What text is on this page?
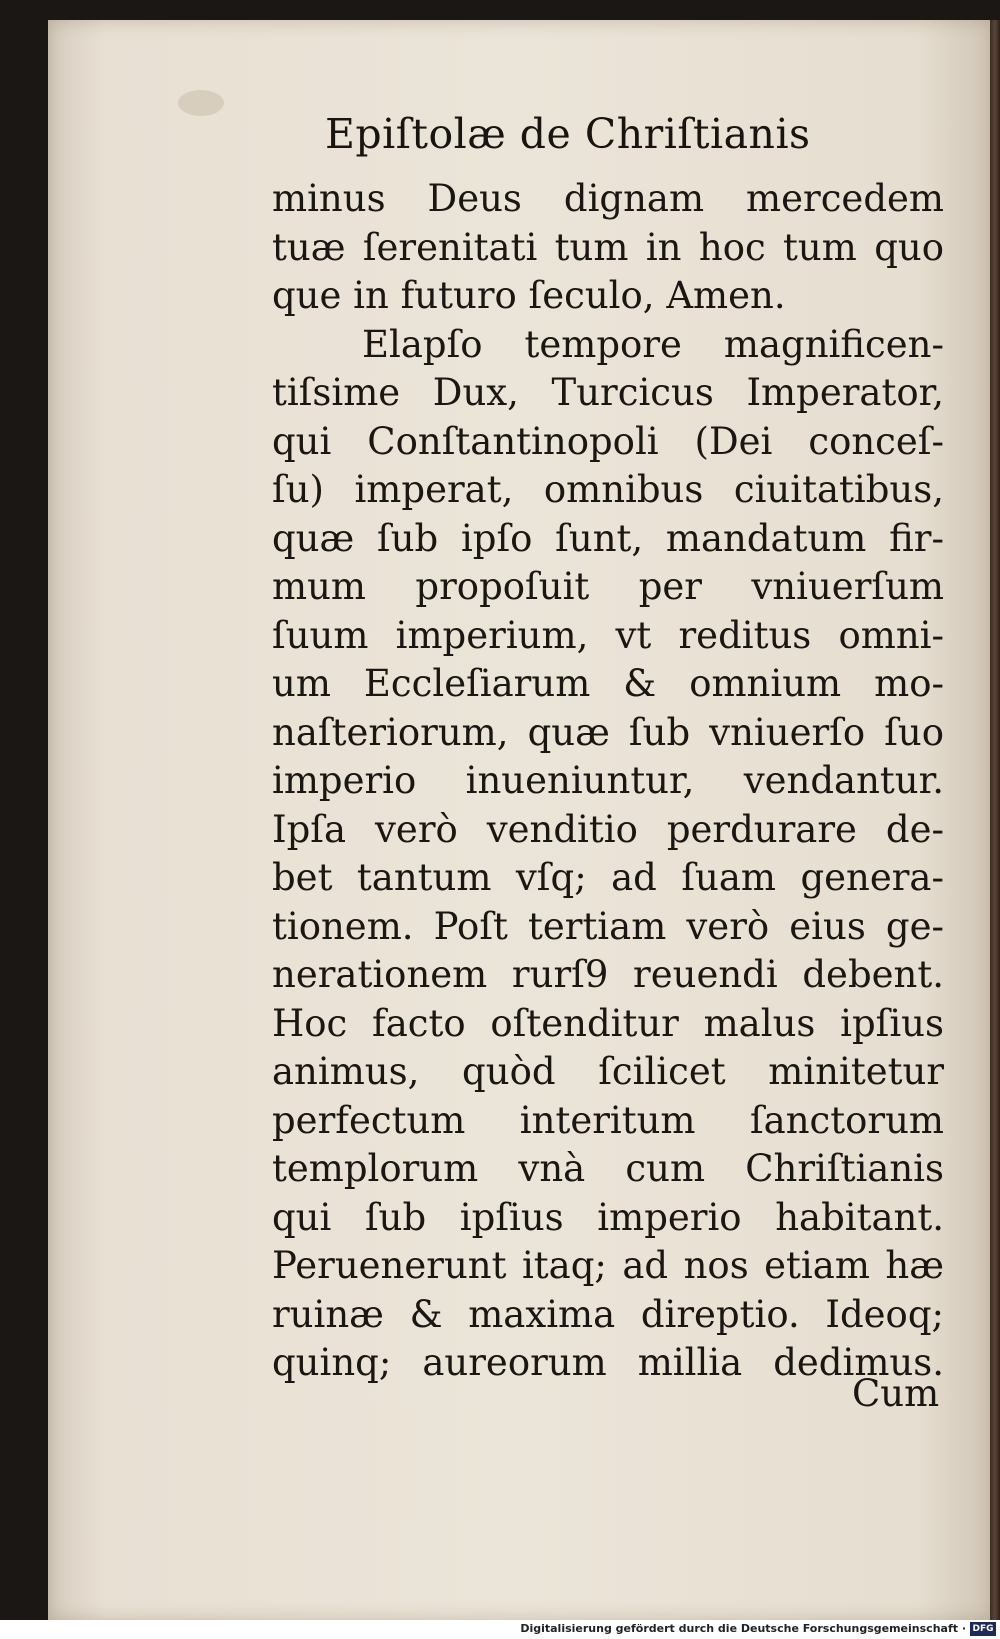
Epiſtolæ de Chriſtianis
minus Deus dignam mercedem
tuæ ſerenitati tum in hoc tum quo
que in futuro ſeculo, Amen.
Elapſo tempore magnificen-
tiſsime Dux, Turcicus Imperator,
qui Conſtantinopoli (Dei conceſ-
ſu) imperat, omnibus ciuitatibus,
quæ ſub ipſo ſunt, mandatum fir-
mum propoſuit per vniuerſum
ſuum imperium, vt reditus omni-
um Eccleſiarum & omnium mo-
naſteriorum, quæ ſub vniuerſo ſuo
imperio inueniuntur, vendantur.
Ipſa verò venditio perdurare de-
bet tantum vſq; ad ſuam genera-
tionem. Poſt tertiam verò eius ge-
nerationem rurſ9 reuendi debent.
Hoc facto oſtenditur malus ipſius
animus, quòd ſcilicet minitetur
perfectum interitum ſanctorum
templorum vnà cum Chriſtianis
qui ſub ipſius imperio habitant.
Peruenerunt itaq; ad nos etiam hæ
ruinæ & maxima direptio. Ideoq;
quinq; aureorum millia dedimus.
Cum
Digitalisierung gefördert durch die Deutsche Forschungsgemeinschaft · DFG
